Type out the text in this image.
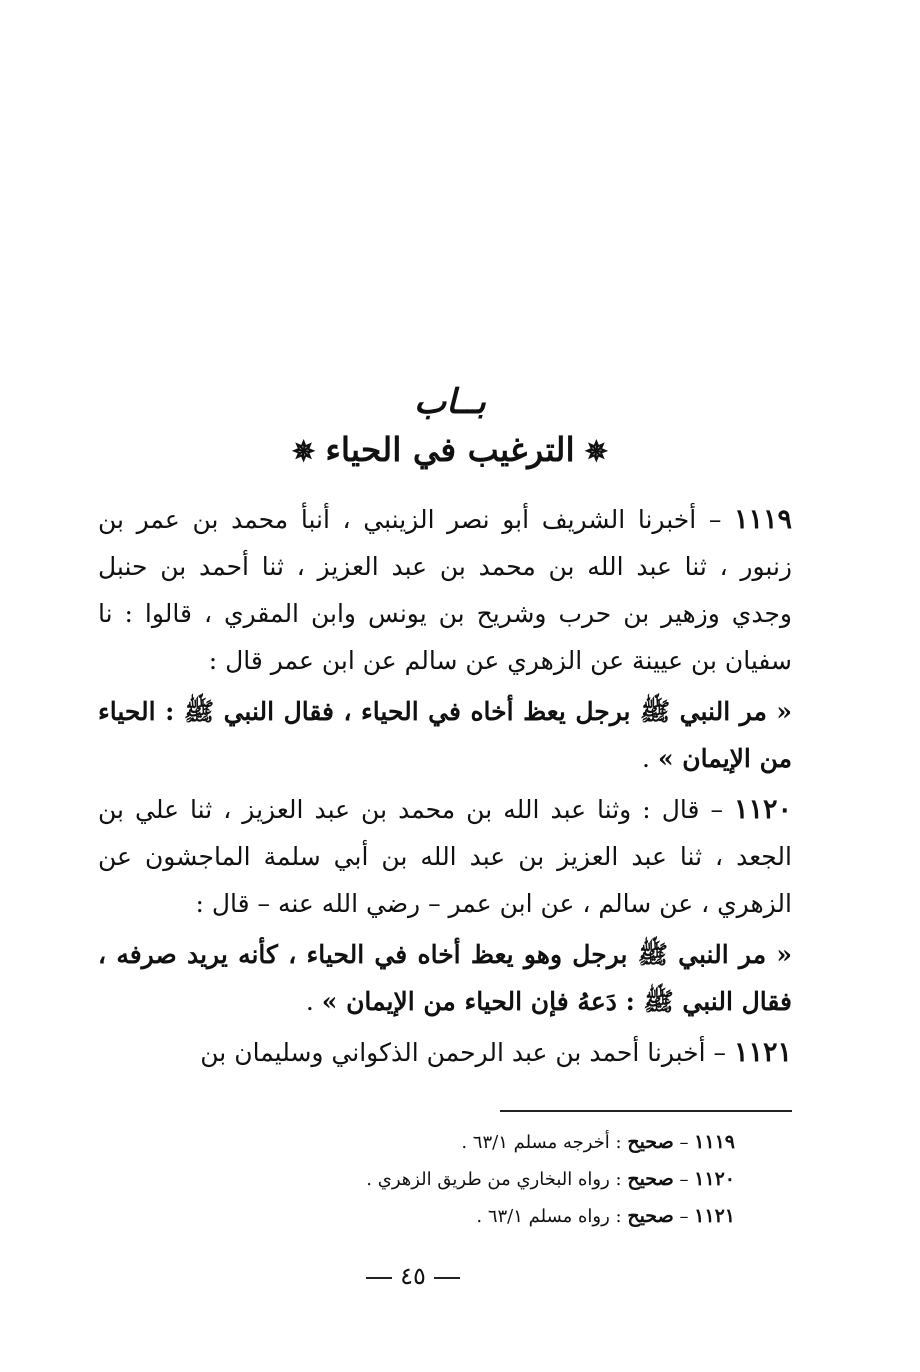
بــاب
✵الترغيب في الحياء✵

١١١٩ – أخبرنا الشريف أبو نصر الزينبي ، أنبأ محمد بن عمر بن زنبور ، ثنا عبد الله بن محمد بن عبد العزيز ، ثنا أحمد بن حنبل وجدي وزهير بن حرب وشريح بن يونس وابن المقري ، قالوا : نا سفيان بن عيينة عن الزهري عن سالم عن ابن عمر قال :

« مر النبي ﷺ برجل يعظ أخاه في الحياء ، فقال النبي ﷺ : الحياء من الإيمان » .

١١٢٠ – قال : وثنا عبد الله بن محمد بن عبد العزيز ، ثنا علي بن الجعد ، ثنا عبد العزيز بن عبد الله بن أبي سلمة الماجشون عن الزهري ، عن سالم ، عن ابن عمر – رضي الله عنه – قال :

« مر النبي ﷺ برجل وهو يعظ أخاه في الحياء ، كأنه يريد صرفه ، فقال النبي ﷺ : دَعهُ فإن الحياء من الإيمان » .

١١٢١ – أخبرنا أحمد بن عبد الرحمن الذكواني وسليمان بن

١١١٩ – صحيح : أخرجه مسلم ٦٣/١ .
١١٢٠ – صحيح : رواه البخاري من طريق الزهري .
١١٢١ – صحيح : رواه مسلم ٦٣/١ .
٤٥
